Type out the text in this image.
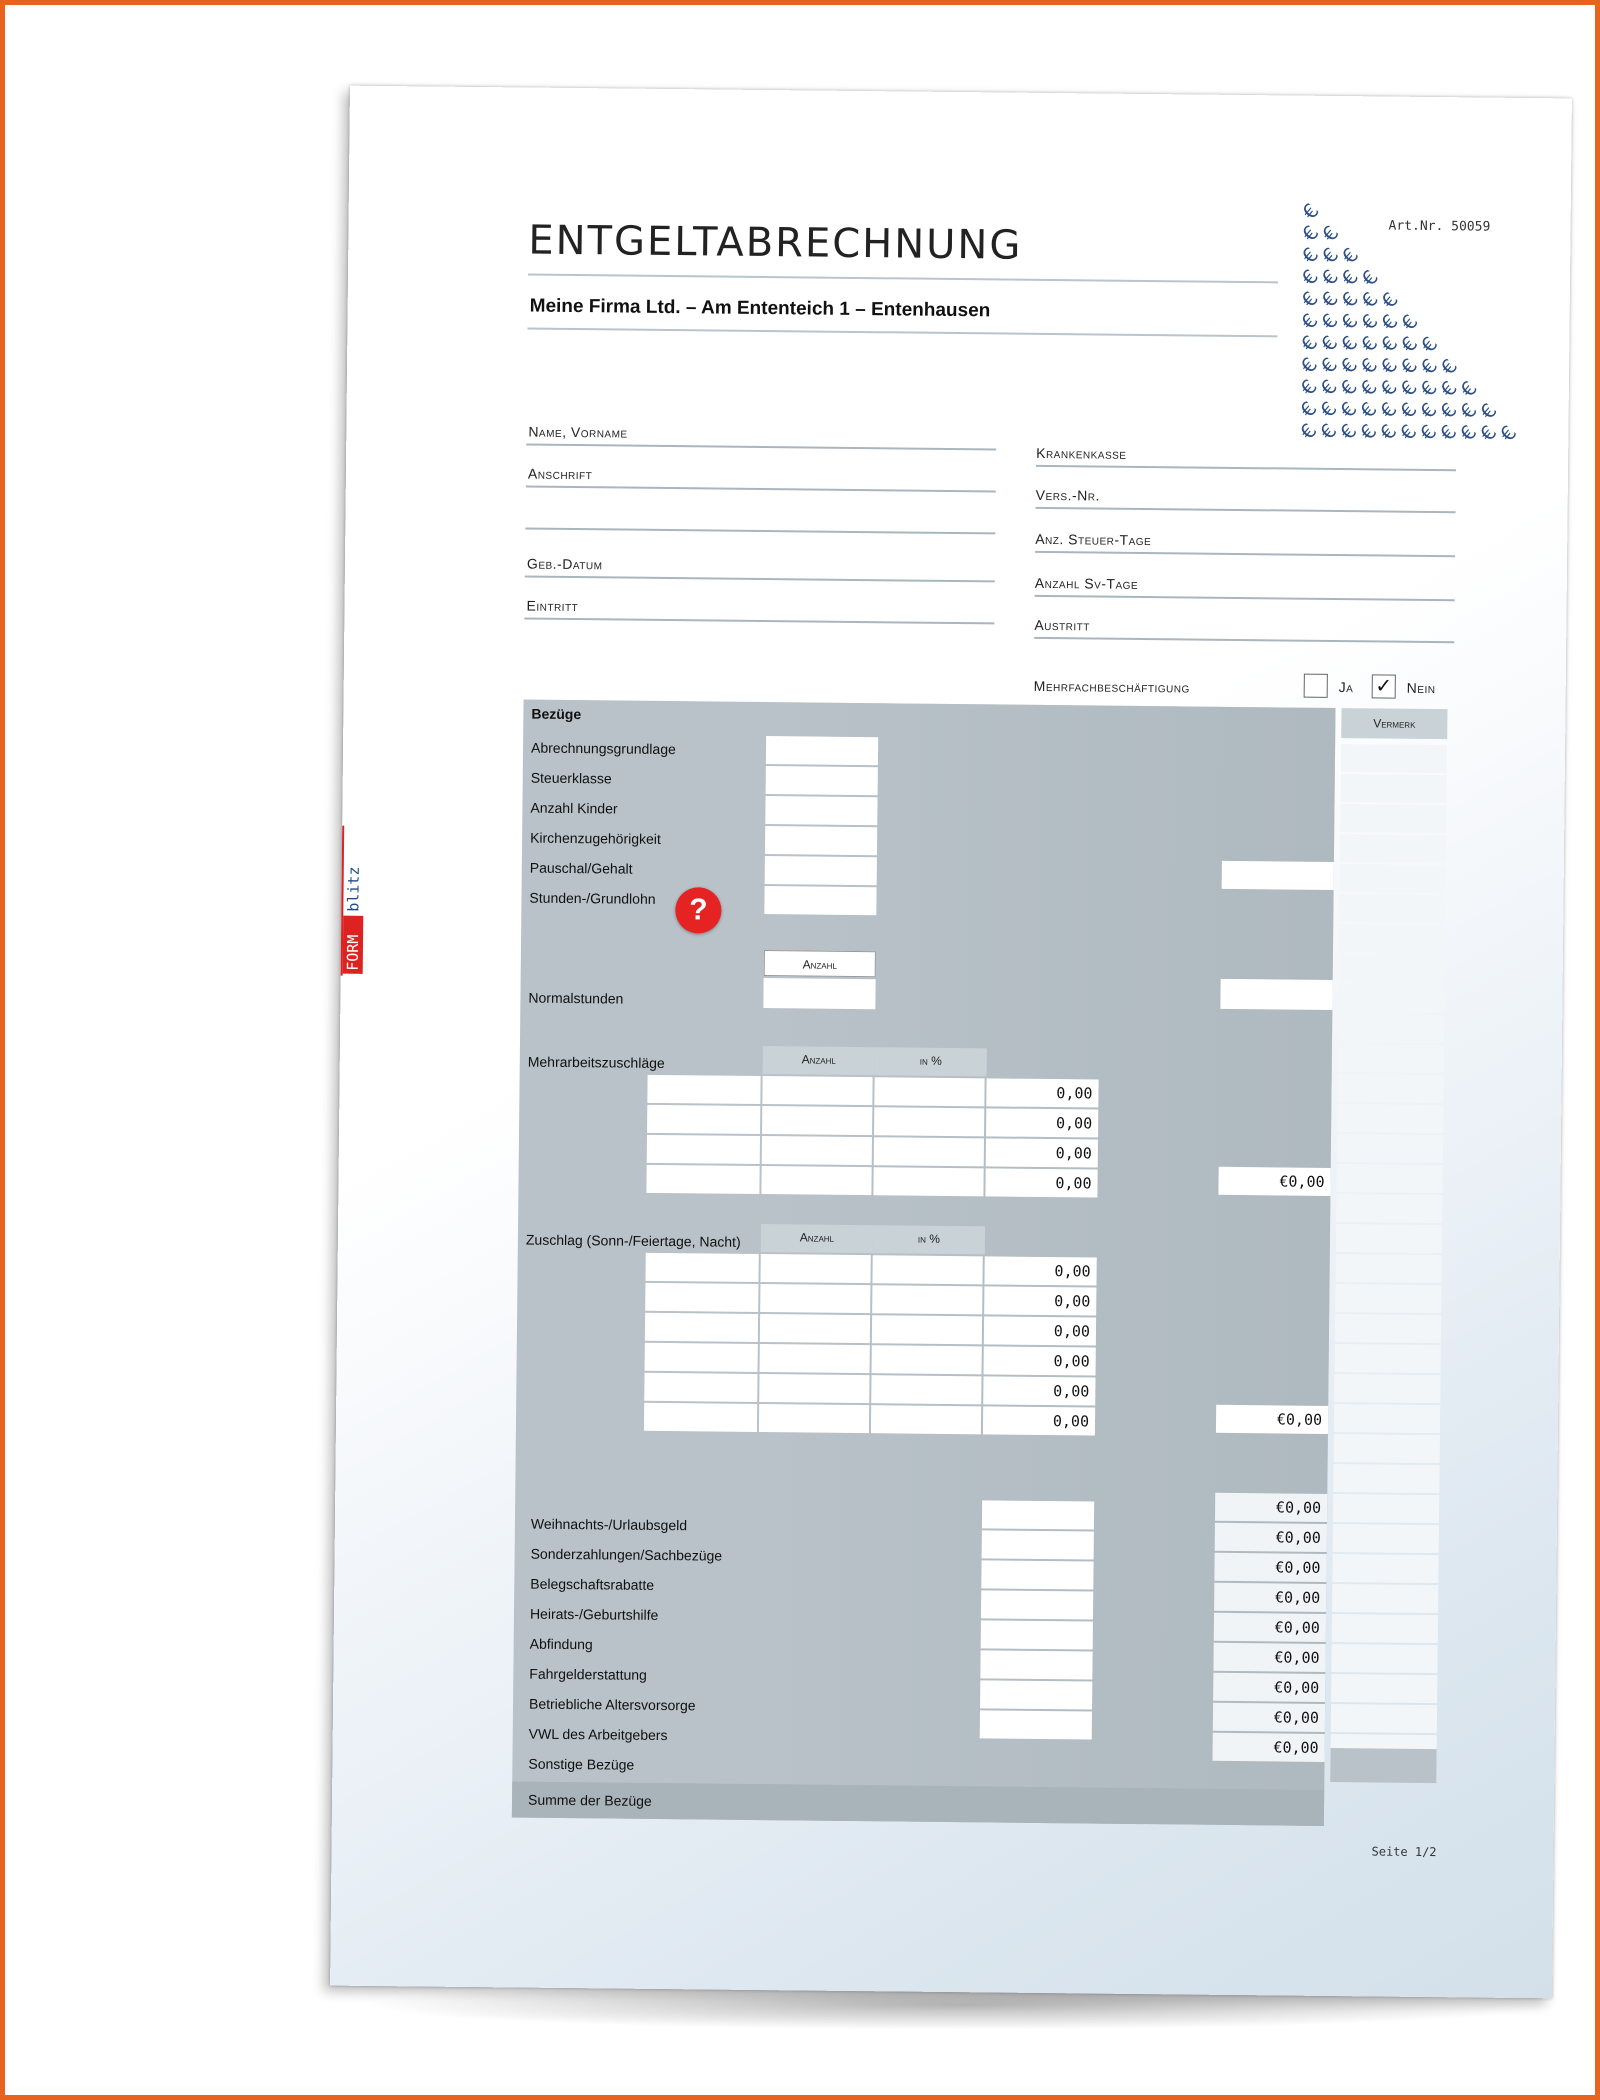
FORM
blitz
ENTGELTABRECHNUNG
Meine Firma Ltd. – Am Ententeich 1 – Entenhausen
Art.Nr. 50059
€
€
€
€
€
€
€
€
€
€
€
€
€
€
€
€
€
€
€
€
€
€
€
€
€
€
€
€
€
€
€
€
€
€
€
€
€
€
€
€
€
€
€
€
€
€
€
€
€
€
€
€
€
€
€
€
€
€
€
€
€
€
€
€
€
€
Name, Vorname
Anschrift
Geb.-Datum
Eintritt
Krankenkasse
Vers.-Nr.
Anz. Steuer-Tage
Anzahl Sv-Tage
Austritt
Mehrfachbeschäftigung	Ja ✓ Nein
Vermerk
Bezüge
Abrechnungsgrundlage
Steuerklasse
Anzahl Kinder
Kirchenzugehörigkeit
Pauschal/Gehalt
Stunden-/Grundlohn	?
Anzahl
Normalstunden
Mehrarbeitszuschläge	Anzahl	in %
0,00
0,00
0,00
0,00	€0,00
Zuschlag (Sonn-/Feiertage, Nacht)	Anzahl	in %
0,00
0,00
0,00
0,00
0,00
0,00	€0,00
Weihnachts-/Urlaubsgeld
€0,00
Sonderzahlungen/Sachbezüge
€0,00
Belegschaftsrabatte
€0,00
Heirats-/Geburtshilfe
€0,00
Abfindung
€0,00
Fahrgelderstattung
€0,00
Betriebliche Altersvorsorge
€0,00
VWL des Arbeitgebers
€0,00
Sonstige Bezüge
€0,00
Summe der Bezüge
Seite 1/2
